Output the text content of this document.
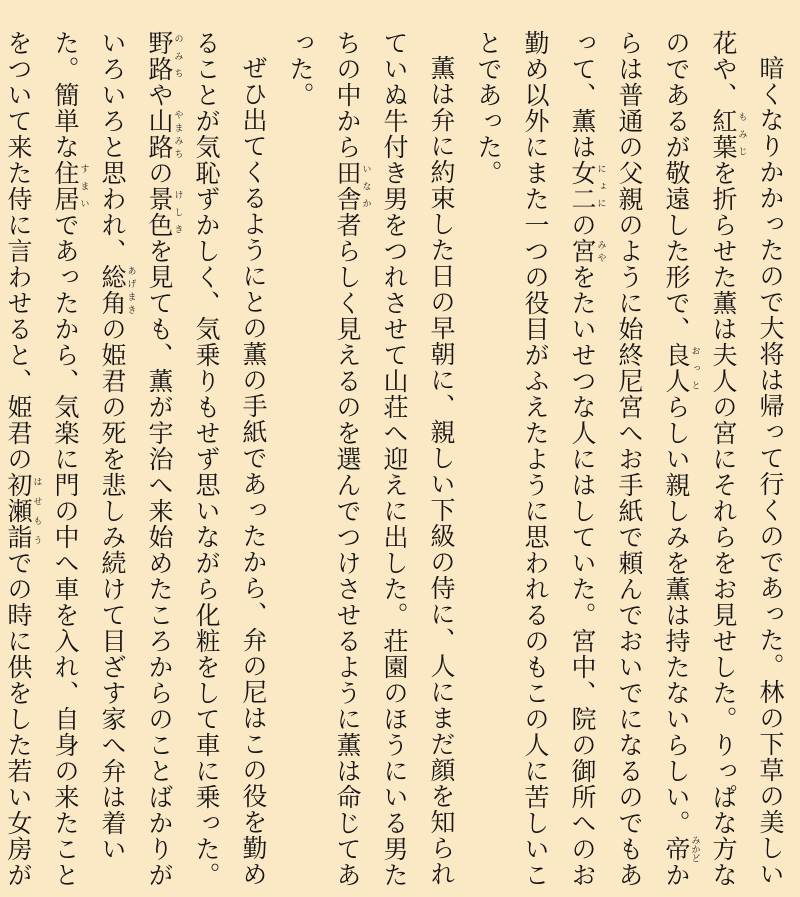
暗くなりかかったので大将は帰って行くのであった。林の下草の美しい花や、紅葉もみじを折らせた薫は夫人の宮にそれらをお見せした。りっぱな方なのであるが敬遠した形で、良人おっとらしい親しみを薫は持たないらしい。帝みかどからは普通の父親のように始終尼宮へお手紙で頼んでおいでになるのでもあって、薫は女二にょにの宮みやをたいせつな人にはしていた。宮中、院の御所へのお勤め以外にまた一つの役目がふえたように思われるのもこの人に苦しいことであった。

薫は弁に約束した日の早朝に、親しい下級の侍に、人にまだ顔を知られていぬ牛付き男をつれさせて山荘へ迎えに出した。荘園のほうにいる男たちの中から田舎いなか者らしく見えるのを選んでつけさせるように薫は命じてあった。

ぜひ出てくるようにとの薫の手紙であったから、弁の尼はこの役を勤めることが気恥ずかしく、気乗りもせず思いながら化粧をして車に乗った。野路のみちや山路やまみちの景色けしきを見ても、薫が宇治へ来始めたころからのことばかりがいろいろと思われ、総角あげまきの姫君の死を悲しみ続けて目ざす家へ弁は着いた。簡単な住居すまいであったから、気楽に門の中へ車を入れ、自身の来たことをついて来た侍に言わせると、姫君の初瀬詣はせもうでの時に供をした若い女房が
